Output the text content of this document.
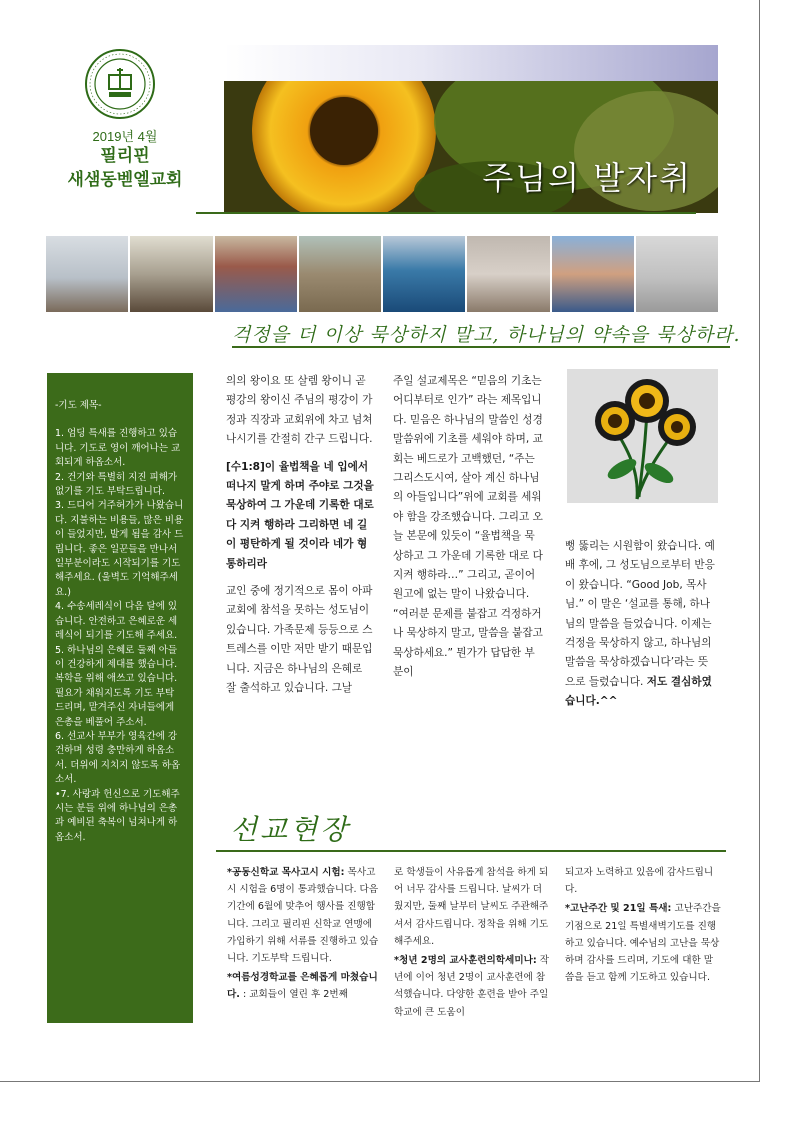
2019년 4월
필리핀
새샘동벧엘교회	주님의 발자취
걱정을 더 이상 묵상하지 말고, 하나님의 약속을 묵상하라.
-기도 제목-
1. 엄딩 특새를 진행하고 있습니다. 기도로 영이 깨어나는 교회되게 하옵소서.
2. 건기와 특별히 지진 피해가 없기를 기도 부탁드립니다.
3. 드디어 거주허가가 나왔습니다. 지불하는 비용들, 많은 비용이 들었지만, 발게 됨을 감사 드립니다. 좋은 일꾼들을 만나서 일부분이라도 시작되기를 기도해주세요. (울벽도 기억해주세요.)
4. 수송세레식이 다음 달에 있습니다. 안전하고 은혜로운 세레식이 되기를 기도해 주세요.
5. 하나님의 은혜로 둘째 아들이 건강하게 제대를 했습니다. 복학을 위해 애쓰고 있습니다. 필요가 채워지도록 기도 부탁 드리며, 맡겨주신 자녀들에게 은총을 베풀어 주소서.
6. 선교사 부부가 영육간에 강건하며 성령 충만하게 하옵소서. 더위에 지치지 않도록 하옵소서.
•7. 사랑과 헌신으로 기도해주시는 분들 위에 하나님의 은총과 예비된 축복이 넘쳐나게 하옵소서.

의의 왕이요 또 살렘 왕이니 곧 평강의 왕이신 주님의 평강이 가정과 직장과 교회위에 차고 넘쳐나시기를 간절히 간구 드립니다.

[수1:8]이 율법책을 네 입에서 떠나지 말게 하며 주야로 그것을 묵상하여 그 가운데 기록한 대로 다 지켜 행하라 그리하면 네 길이 평탄하게 될 것이라 네가 형통하리라

교인 중에 정기적으로 몸이 아파 교회에 참석을 못하는 성도님이 있습니다. 가족문제 등등으로 스트레스를 이만 저만 받기 때문입니다. 지금은 하나님의 은혜로 잘 출석하고 있습니다. 그날

주일 설교제목은 “믿음의 기초는 어디부터로 인가” 라는 제목입니다. 믿음은 하나님의 말씀인 성경말씀위에 기초를 세워야 하며, 교회는 베드로가 고백했던, “주는 그리스도시여, 살아 계신 하나님의 아들입니다”위에 교회를 세워야 함을 강조했습니다. 그리고 오늘 본문에 있듯이 “율법책을 묵상하고 그 가운데 기록한 대로 다 지켜 행하라…” 그리고, 곧이어 원고에 없는 말이 나왔습니다. “여러분 문제를 붙잡고 걱정하거나 묵상하지 말고, 말씀을 붙잡고 묵상하세요.” 뭔가가 답답한 부분이

뻥 뚫리는 시원함이 왔습니다. 예배 후에, 그 성도님으로부터 반응이 왔습니다. “Good Job, 목사님.” 이 말은 ‘설교를 통해, 하나님의 말씀을 들었습니다. 이제는 걱정을 묵상하지 않고, 하나님의 말씀을 묵상하겠습니다’라는 뜻으로 들렸습니다. 저도 결심하였습니다.^^

선교현장

*공동신학교 목사고시 시험: 목사고시 시험을 6명이 통과했습니다. 다음 기간에 6월에 맞추어 행사를 진행합니다. 그리고 필리핀 신학교 연맹에 가입하기 위해 서류를 진행하고 있습니다. 기도부탁 드립니다.

*여름성경학교를 은혜롭게 마쳤습니다. : 교회들이 열린 후 2번째

로 학생들이 사유롭게 참석을 하게 되어 너무 감사를 드립니다. 날씨가 더웠지만, 둘째 날부터 날씨도 주관해주셔서 감사드립니다. 정착을 위해 기도해주세요.

*청년 2명의 교사훈련의학세미나: 작년에 이어 청년 2명이 교사훈련에 참석했습니다. 다양한 훈련을 받아 주일학교에 큰 도움이

되고자 노력하고 있음에 감사드립니다.

*고난주간 및 21일 특새: 고난주간을 기점으로 21일 특별새벽기도를 진행하고 있습니다. 예수님의 고난을 묵상하며 감사를 드리며, 기도에 대한 말씀을 듣고 함께 기도하고 있습니다.
